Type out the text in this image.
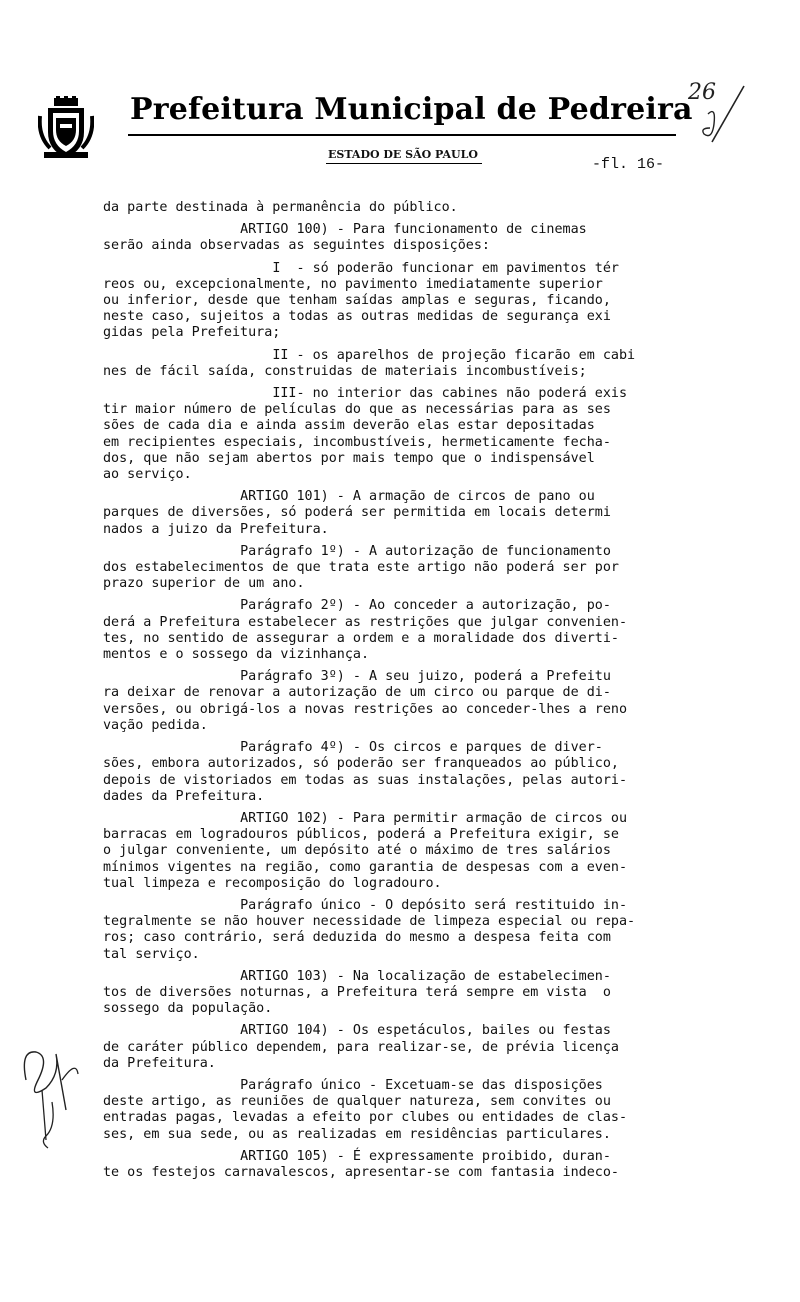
Prefeitura Municipal de Pedreira
ESTADO DE SÃO PAULO
-fl. 16-
26

da parte destinada à permanência do público.

ARTIGO 100) - Para funcionamento de cinemas

serão ainda observadas as seguintes disposições:

I  - só poderão funcionar em pavimentos tér

reos ou, excepcionalmente, no pavimento imediatamente superior

ou inferior, desde que tenham saídas amplas e seguras, ficando,

neste caso, sujeitos a todas as outras medidas de segurança exi

gidas pela Prefeitura;

II - os aparelhos de projeção ficarão em cabi

nes de fácil saída, construidas de materiais incombustíveis;

III- no interior das cabines não poderá exis

tir maior número de películas do que as necessárias para as ses

sões de cada dia e ainda assim deverão elas estar depositadas

em recipientes especiais, incombustíveis, hermeticamente fecha-

dos, que não sejam abertos por mais tempo que o indispensável

ao serviço.

ARTIGO 101) - A armação de circos de pano ou

parques de diversões, só poderá ser permitida em locais determi

nados a juizo da Prefeitura.

Parágrafo 1º) - A autorização de funcionamento

dos estabelecimentos de que trata este artigo não poderá ser por

prazo superior de um ano.

Parágrafo 2º) - Ao conceder a autorização, po-

derá a Prefeitura estabelecer as restrições que julgar convenien-

tes, no sentido de assegurar a ordem e a moralidade dos diverti-

mentos e o sossego da vizinhança.

Parágrafo 3º) - A seu juizo, poderá a Prefeitu

ra deixar de renovar a autorização de um circo ou parque de di-

versões, ou obrigá-los a novas restrições ao conceder-lhes a reno

vação pedida.

Parágrafo 4º) - Os circos e parques de diver-

sões, embora autorizados, só poderão ser franqueados ao público,

depois de vistoriados em todas as suas instalações, pelas autori-

dades da Prefeitura.

ARTIGO 102) - Para permitir armação de circos ou

barracas em logradouros públicos, poderá a Prefeitura exigir, se

o julgar conveniente, um depósito até o máximo de tres salários

mínimos vigentes na região, como garantia de despesas com a even-

tual limpeza e recomposição do logradouro.

Parágrafo único - O depósito será restituido in-

tegralmente se não houver necessidade de limpeza especial ou repa-

ros; caso contrário, será deduzida do mesmo a despesa feita com

tal serviço.

ARTIGO 103) - Na localização de estabelecimen-

tos de diversões noturnas, a Prefeitura terá sempre em vista  o

sossego da população.

ARTIGO 104) - Os espetáculos, bailes ou festas

de caráter público dependem, para realizar-se, de prévia licença

da Prefeitura.

Parágrafo único - Excetuam-se das disposições

deste artigo, as reuniões de qualquer natureza, sem convites ou

entradas pagas, levadas a efeito por clubes ou entidades de clas-

ses, em sua sede, ou as realizadas em residências particulares.

ARTIGO 105) - É expressamente proibido, duran-

te os festejos carnavalescos, apresentar-se com fantasia indeco-
